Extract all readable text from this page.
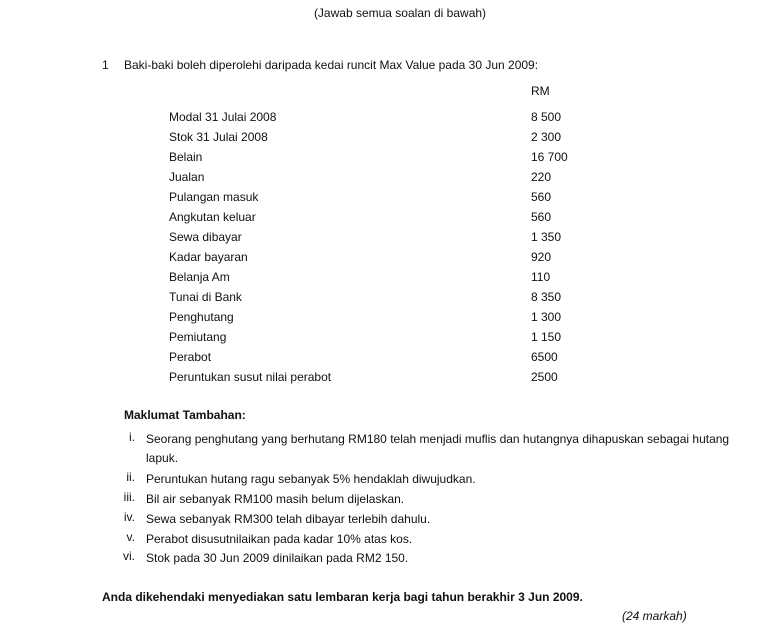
(Jawab semua soalan di bawah)
1 Baki-baki boleh diperolehi daripada kedai runcit Max Value pada 30 Jun 2009:
RM
Modal 31 Julai 2008	8 500
Stok 31 Julai 2008	2 300
Belain	16 700
Jualan	220
Pulangan masuk	560
Angkutan keluar	560
Sewa dibayar	1 350
Kadar bayaran	920
Belanja Am	110
Tunai di Bank	8 350
Penghutang	1 300
Pemiutang	1 150
Perabot	6500
Peruntukan susut nilai perabot	2500
Maklumat Tambahan:
i. Seorang penghutang yang berhutang RM180 telah menjadi muflis dan hutangnya dihapuskan sebagai hutang lapuk.
ii. Peruntukan hutang ragu sebanyak 5% hendaklah diwujudkan.
iii. Bil air sebanyak RM100 masih belum dijelaskan.
iv. Sewa sebanyak RM300 telah dibayar terlebih dahulu.
v. Perabot disusutnilaikan pada kadar 10% atas kos.
vi. Stok pada 30 Jun 2009 dinilaikan pada RM2 150.
Anda dikehendaki menyediakan satu lembaran kerja bagi tahun berakhir 3 Jun 2009.
(24 markah)
